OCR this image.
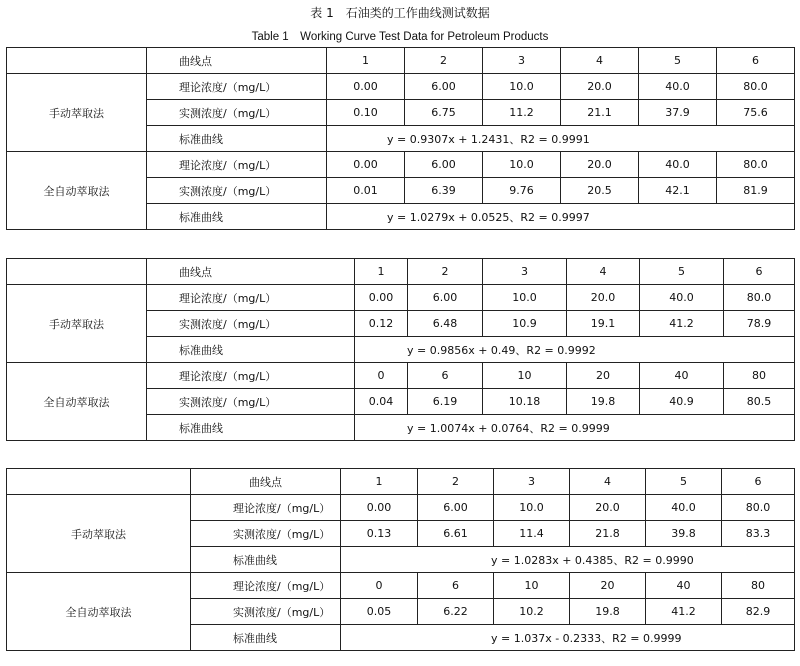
表 1　石油类的工作曲线测试数据
Table 1　Working Curve Test Data for Petroleum Products
	曲线点	1	2	3	4	5	6
手动萃取法	理论浓度/（mg/L）	0.00	6.00	10.0	20.0	40.0	80.0
	实测浓度/（mg/L）	0.10	6.75	11.2	21.1	37.9	75.6
	标准曲线	y = 0.9307x + 1.2431、R2 = 0.9991					
全自动萃取法	理论浓度/（mg/L）	0.00	6.00	10.0	20.0	40.0	80.0
	实测浓度/（mg/L）	0.01	6.39	9.76	20.5	42.1	81.9
	标准曲线	y = 1.0279x + 0.0525、R2 = 0.9997					
	曲线点	1	2	3	4	5	6
手动萃取法	理论浓度/（mg/L）	0.00	6.00	10.0	20.0	40.0	80.0
	实测浓度/（mg/L）	0.12	6.48	10.9	19.1	41.2	78.9
	标准曲线	y = 0.9856x + 0.49、R2 = 0.9992					
全自动萃取法	理论浓度/（mg/L）	0	6	10	20	40	80
	实测浓度/（mg/L）	0.04	6.19	10.18	19.8	40.9	80.5
	标准曲线	y = 1.0074x + 0.0764、R2 = 0.9999					
	曲线点	1	2	3	4	5	6
手动萃取法	理论浓度/（mg/L）	0.00	6.00	10.0	20.0	40.0	80.0
	实测浓度/（mg/L）	0.13	6.61	11.4	21.8	39.8	83.3
	标准曲线	y = 1.0283x + 0.4385、R2 = 0.9990					
全自动萃取法	理论浓度/（mg/L）	0	6	10	20	40	80
	实测浓度/（mg/L）	0.05	6.22	10.2	19.8	41.2	82.9
	标准曲线	y = 1.037x - 0.2333、R2 = 0.9999					
